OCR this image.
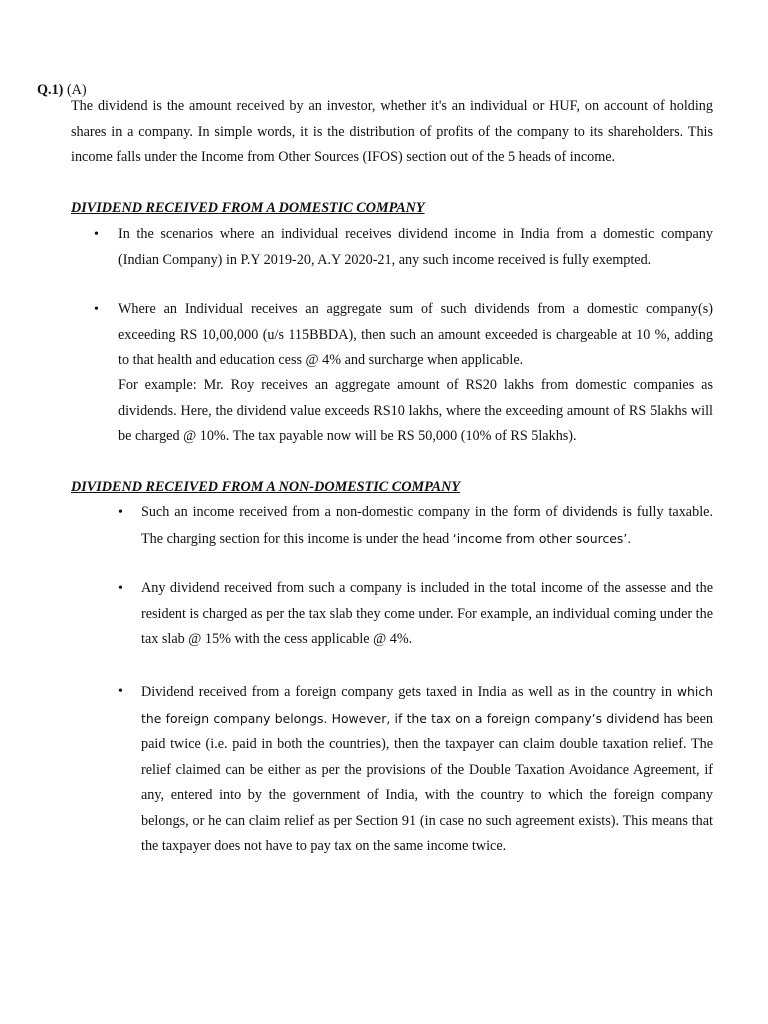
Q.1) (A)
The dividend is the amount received by an investor, whether it's an individual or HUF, on account of holding shares in a company. In simple words, it is the distribution of profits of the company to its shareholders. This income falls under the Income from Other Sources (IFOS) section out of the 5 heads of income.
DIVIDEND RECEIVED FROM A DOMESTIC COMPANY
• In the scenarios where an individual receives dividend income in India from a domestic company (Indian Company) in P.Y 2019-20, A.Y 2020-21, any such income received is fully exempted.
• Where an Individual receives an aggregate sum of such dividends from a domestic company(s) exceeding RS 10,00,000 (u/s 115BBDA), then such an amount exceeded is chargeable at 10 %, adding to that health and education cess @ 4% and surcharge when applicable.
For example: Mr. Roy receives an aggregate amount of RS20 lakhs from domestic companies as dividends. Here, the dividend value exceeds RS10 lakhs, where the exceeding amount of RS 5lakhs will be charged @ 10%. The tax payable now will be RS 50,000 (10% of RS 5lakhs).
DIVIDEND RECEIVED FROM A NON-DOMESTIC COMPANY
• Such an income received from a non-domestic company in the form of dividends is fully taxable. The charging section for this income is under the head ‘income from other sources’.
• Any dividend received from such a company is included in the total income of the assesse and the resident is charged as per the tax slab they come under. For example, an individual coming under the tax slab @ 15% with the cess applicable @ 4%.
• Dividend received from a foreign company gets taxed in India as well as in the country in which the foreign company belongs. However, if the tax on a foreign company’s dividend has been paid twice (i.e. paid in both the countries), then the taxpayer can claim double taxation relief. The relief claimed can be either as per the provisions of the Double Taxation Avoidance Agreement, if any, entered into by the government of India, with the country to which the foreign company belongs, or he can claim relief as per Section 91 (in case no such agreement exists). This means that the taxpayer does not have to pay tax on the same income twice.
